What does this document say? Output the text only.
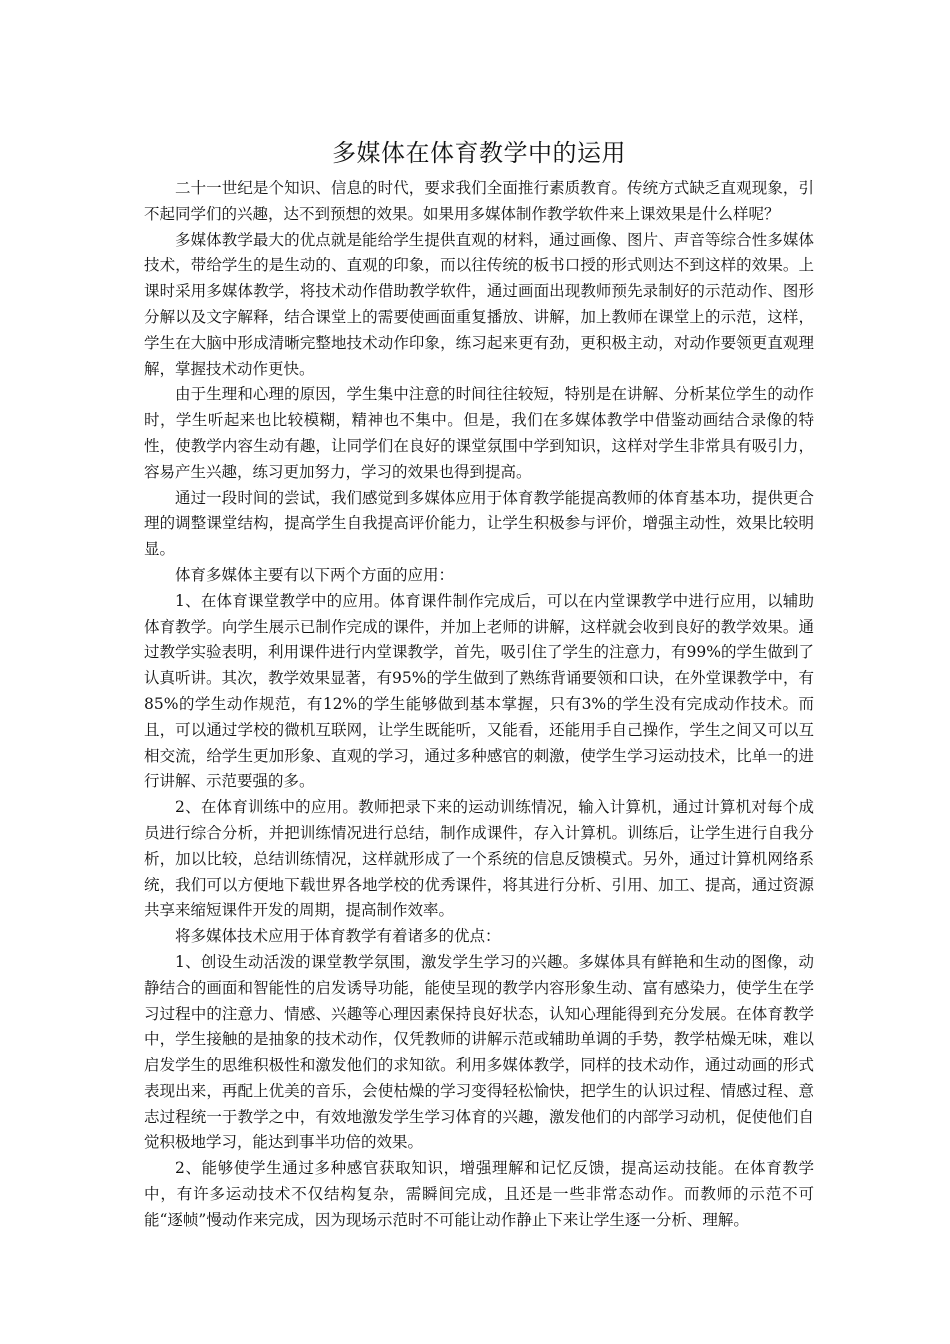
多媒体在体育教学中的运用

二十一世纪是个知识、信息的时代，要求我们全面推行素质教育。传统方式缺乏直观现象，引不起同学们的兴趣，达不到预想的效果。如果用多媒体制作教学软件来上课效果是什么样呢？

多媒体教学最大的优点就是能给学生提供直观的材料，通过画像、图片、声音等综合性多媒体技术，带给学生的是生动的、直观的印象，而以往传统的板书口授的形式则达不到这样的效果。上课时采用多媒体教学，将技术动作借助教学软件，通过画面出现教师预先录制好的示范动作、图形分解以及文字解释，结合课堂上的需要使画面重复播放、讲解，加上教师在课堂上的示范，这样，学生在大脑中形成清晰完整地技术动作印象，练习起来更有劲，更积极主动，对动作要领更直观理解，掌握技术动作更快。

由于生理和心理的原因，学生集中注意的时间往往较短，特别是在讲解、分析某位学生的动作时，学生听起来也比较模糊，精神也不集中。但是，我们在多媒体教学中借鉴动画结合录像的特性，使教学内容生动有趣，让同学们在良好的课堂氛围中学到知识，这样对学生非常具有吸引力，容易产生兴趣，练习更加努力，学习的效果也得到提高。

通过一段时间的尝试，我们感觉到多媒体应用于体育教学能提高教师的体育基本功，提供更合理的调整课堂结构，提高学生自我提高评价能力，让学生积极参与评价，增强主动性，效果比较明显。

体育多媒体主要有以下两个方面的应用：

1、在体育课堂教学中的应用。体育课件制作完成后，可以在内堂课教学中进行应用，以辅助体育教学。向学生展示已制作完成的课件，并加上老师的讲解，这样就会收到良好的教学效果。通过教学实验表明，利用课件进行内堂课教学，首先，吸引住了学生的注意力，有99%的学生做到了认真听讲。其次，教学效果显著，有95%的学生做到了熟练背诵要领和口诀，在外堂课教学中，有85%的学生动作规范，有12%的学生能够做到基本掌握，只有3%的学生没有完成动作技术。而且，可以通过学校的微机互联网，让学生既能听，又能看，还能用手自己操作，学生之间又可以互相交流，给学生更加形象、直观的学习，通过多种感官的刺激，使学生学习运动技术，比单一的进行讲解、示范要强的多。

2、在体育训练中的应用。教师把录下来的运动训练情况，输入计算机，通过计算机对每个成员进行综合分析，并把训练情况进行总结，制作成课件，存入计算机。训练后，让学生进行自我分析，加以比较，总结训练情况，这样就形成了一个系统的信息反馈模式。另外，通过计算机网络系统，我们可以方便地下载世界各地学校的优秀课件，将其进行分析、引用、加工、提高，通过资源共享来缩短课件开发的周期，提高制作效率。

将多媒体技术应用于体育教学有着诸多的优点：

1、创设生动活泼的课堂教学氛围，激发学生学习的兴趣。多媒体具有鲜艳和生动的图像，动静结合的画面和智能性的启发诱导功能，能使呈现的教学内容形象生动、富有感染力，使学生在学习过程中的注意力、情感、兴趣等心理因素保持良好状态，认知心理能得到充分发展。在体育教学中，学生接触的是抽象的技术动作，仅凭教师的讲解示范或辅助单调的手势，教学枯燥无味，难以启发学生的思维积极性和激发他们的求知欲。利用多媒体教学，同样的技术动作，通过动画的形式表现出来，再配上优美的音乐，会使枯燥的学习变得轻松愉快，把学生的认识过程、情感过程、意志过程统一于教学之中，有效地激发学生学习体育的兴趣，激发他们的内部学习动机，促使他们自觉积极地学习，能达到事半功倍的效果。

2、能够使学生通过多种感官获取知识，增强理解和记忆反馈，提高运动技能。在体育教学中，有许多运动技术不仅结构复杂，需瞬间完成，且还是一些非常态动作。而教师的示范不可能“逐帧”慢动作来完成，因为现场示范时不可能让动作静止下来让学生逐一分析、理解。
